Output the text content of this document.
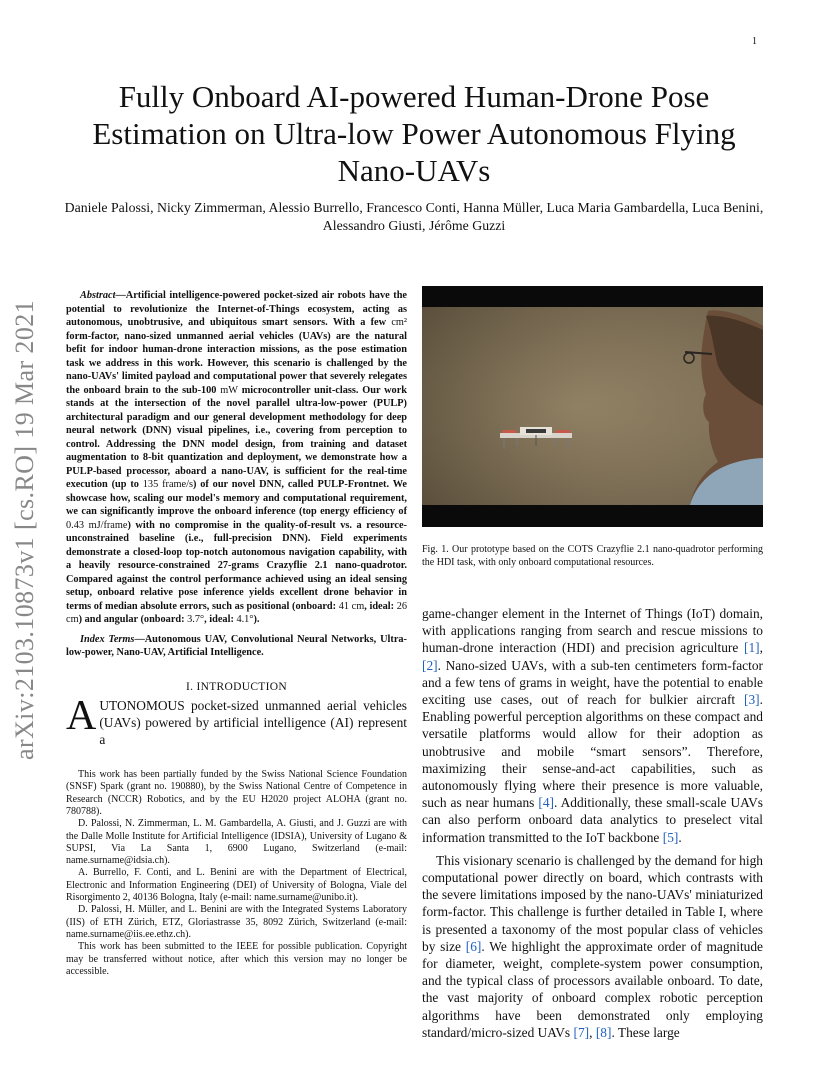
1
arXiv:2103.10873v1 [cs.RO] 19 Mar 2021
Fully Onboard AI-powered Human-Drone Pose Estimation on Ultra-low Power Autonomous Flying Nano-UAVs
Daniele Palossi, Nicky Zimmerman, Alessio Burrello, Francesco Conti, Hanna Müller, Luca Maria Gambardella, Luca Benini, Alessandro Giusti, Jérôme Guzzi

Abstract—Artificial intelligence-powered pocket-sized air robots have the potential to revolutionize the Internet-of-Things ecosystem, acting as autonomous, unobtrusive, and ubiquitous smart sensors. With a few cm² form-factor, nano-sized unmanned aerial vehicles (UAVs) are the natural befit for indoor human-drone interaction missions, as the pose estimation task we address in this work. However, this scenario is challenged by the nano-UAVs' limited payload and computational power that severely relegates the onboard brain to the sub-100 mW microcontroller unit-class. Our work stands at the intersection of the novel parallel ultra-low-power (PULP) architectural paradigm and our general development methodology for deep neural network (DNN) visual pipelines, i.e., covering from perception to control. Addressing the DNN model design, from training and dataset augmentation to 8-bit quantization and deployment, we demonstrate how a PULP-based processor, aboard a nano-UAV, is sufficient for the real-time execution (up to 135 frame/s) of our novel DNN, called PULP-Frontnet. We showcase how, scaling our model's memory and computational requirement, we can significantly improve the onboard inference (top energy efficiency of 0.43 mJ/frame) with no compromise in the quality-of-result vs. a resource-unconstrained baseline (i.e., full-precision DNN). Field experiments demonstrate a closed-loop top-notch autonomous navigation capability, with a heavily resource-constrained 27-grams Crazyflie 2.1 nano-quadrotor. Compared against the control performance achieved using an ideal sensing setup, onboard relative pose inference yields excellent drone behavior in terms of median absolute errors, such as positional (onboard: 41 cm, ideal: 26 cm) and angular (onboard: 3.7°, ideal: 4.1°).

Index Terms—Autonomous UAV, Convolutional Neural Networks, Ultra-low-power, Nano-UAV, Artificial Intelligence.

I. INTRODUCTION

AUTONOMOUS pocket-sized unmanned aerial vehicles (UAVs) powered by artificial intelligence (AI) represent a

This work has been partially funded by the Swiss National Science Foundation (SNSF) Spark (grant no. 190880), by the Swiss National Centre of Competence in Research (NCCR) Robotics, and by the EU H2020 project ALOHA (grant no. 780788).

D. Palossi, N. Zimmerman, L. M. Gambardella, A. Giusti, and J. Guzzi are with the Dalle Molle Institute for Artificial Intelligence (IDSIA), University of Lugano & SUPSI, Via La Santa 1, 6900 Lugano, Switzerland (e-mail: name.surname@idsia.ch).

A. Burrello, F. Conti, and L. Benini are with the Department of Electrical, Electronic and Information Engineering (DEI) of University of Bologna, Viale del Risorgimento 2, 40136 Bologna, Italy (e-mail: name.surname@unibo.it).

D. Palossi, H. Müller, and L. Benini are with the Integrated Systems Laboratory (IIS) of ETH Zürich, ETZ, Gloriastrasse 35, 8092 Zürich, Switzerland (e-mail: name.surname@iis.ee.ethz.ch).

This work has been submitted to the IEEE for possible publication. Copyright may be transferred without notice, after which this version may no longer be accessible.

Fig. 1. Our prototype based on the COTS Crazyflie 2.1 nano-quadrotor performing the HDI task, with only onboard computational resources.

game-changer element in the Internet of Things (IoT) domain, with applications ranging from search and rescue missions to human-drone interaction (HDI) and precision agriculture [1], [2]. Nano-sized UAVs, with a sub-ten centimeters form-factor and a few tens of grams in weight, have the potential to enable exciting use cases, out of reach for bulkier aircraft [3]. Enabling powerful perception algorithms on these compact and versatile platforms would allow for their adoption as unobtrusive and mobile “smart sensors”. Therefore, maximizing their sense-and-act capabilities, such as autonomously flying where their presence is more valuable, such as near humans [4]. Additionally, these small-scale UAVs can also perform onboard data analytics to preselect vital information transmitted to the IoT backbone [5].

This visionary scenario is challenged by the demand for high computational power directly on board, which contrasts with the severe limitations imposed by the nano-UAVs' miniaturized form-factor. This challenge is further detailed in Table I, where is presented a taxonomy of the most popular class of vehicles by size [6]. We highlight the approximate order of magnitude for diameter, weight, complete-system power consumption, and the typical class of processors available onboard. To date, the vast majority of onboard complex robotic perception algorithms have been demonstrated only employing standard/micro-sized UAVs [7], [8]. These large
